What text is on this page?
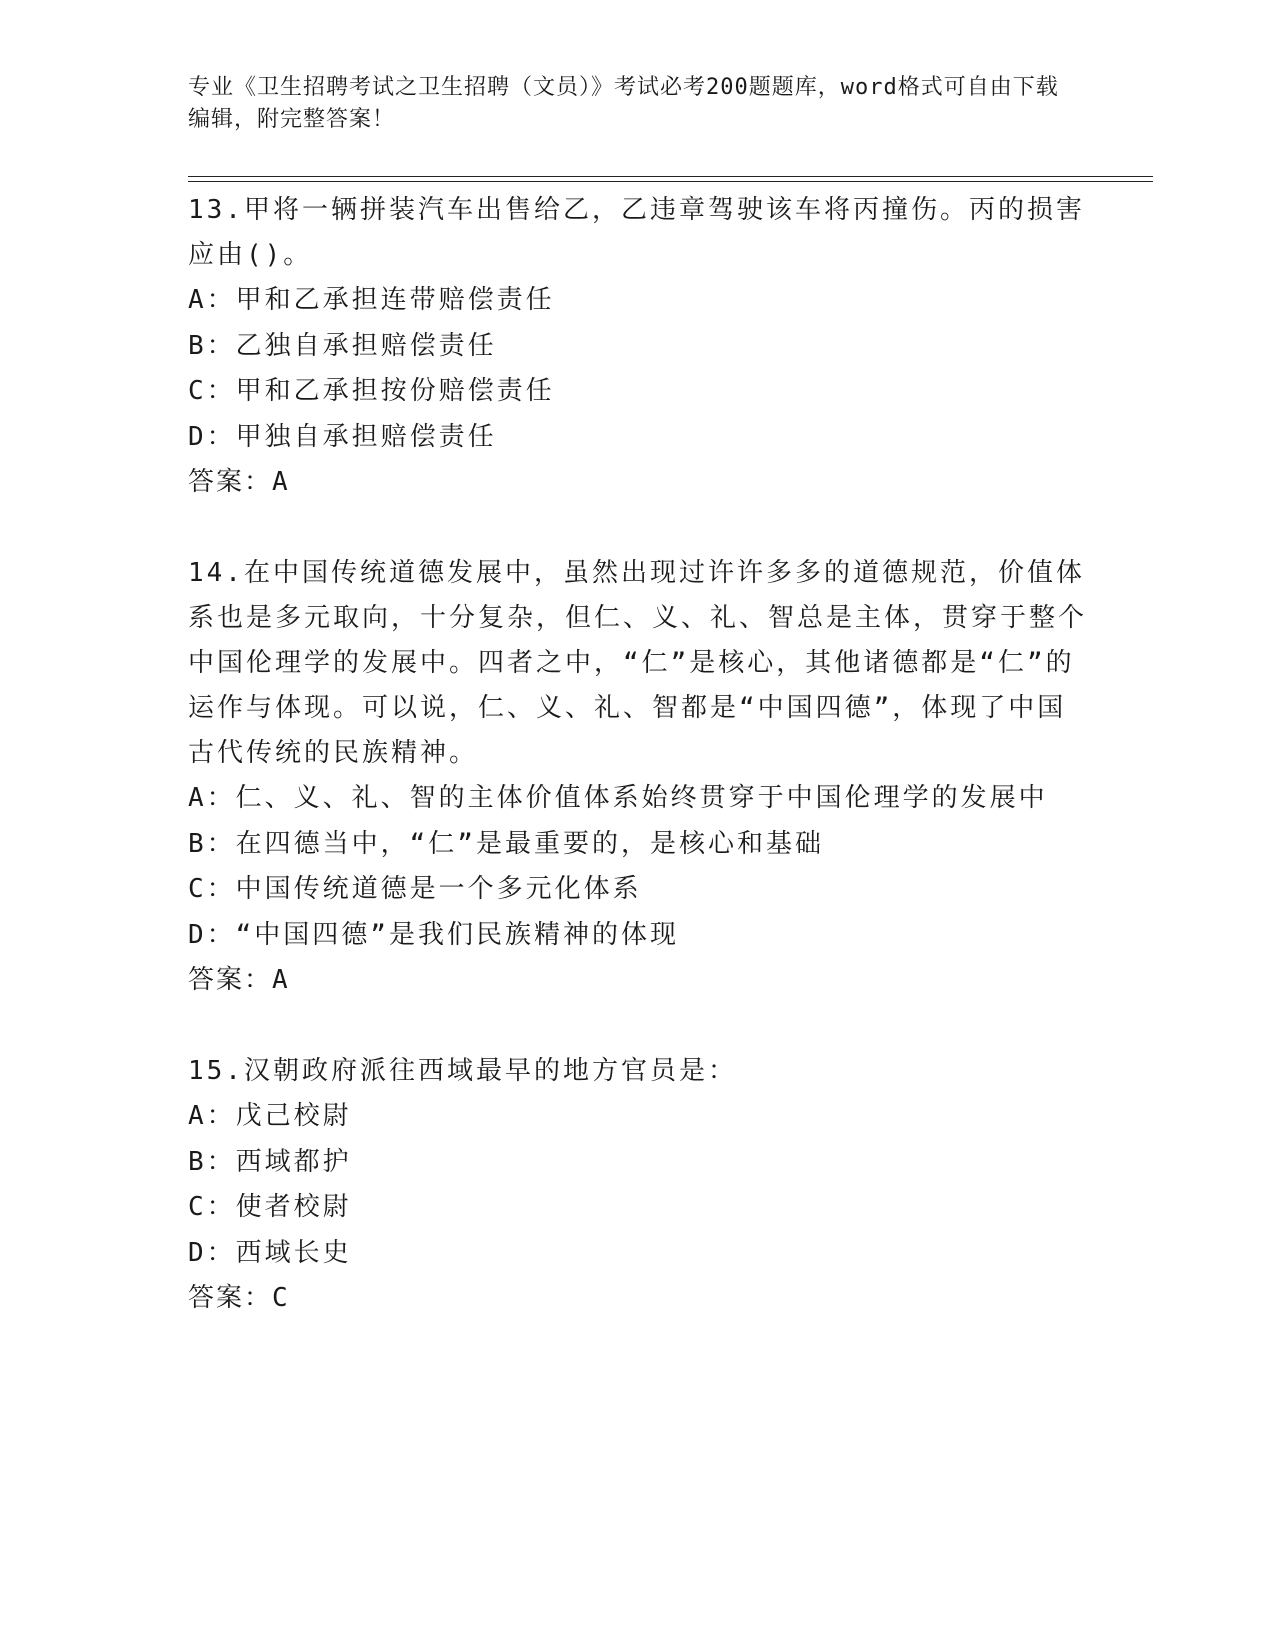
专业《卫生招聘考试之卫生招聘（文员）》考试必考200题题库，word格式可自由下载编辑，附完整答案！

13.甲将一辆拼装汽车出售给乙，乙违章驾驶该车将丙撞伤。丙的损害应由()。

A：甲和乙承担连带赔偿责任

B：乙独自承担赔偿责任

C：甲和乙承担按份赔偿责任

D：甲独自承担赔偿责任

答案：A

14.在中国传统道德发展中，虽然出现过许许多多的道德规范，价值体系也是多元取向，十分复杂，但仁、义、礼、智总是主体，贯穿于整个中国伦理学的发展中。四者之中，“仁”是核心，其他诸德都是“仁”的运作与体现。可以说，仁、义、礼、智都是“中国四德”，体现了中国古代传统的民族精神。

A：仁、义、礼、智的主体价值体系始终贯穿于中国伦理学的发展中

B：在四德当中，“仁”是最重要的，是核心和基础

C：中国传统道德是一个多元化体系

D：“中国四德”是我们民族精神的体现

答案：A

15.汉朝政府派往西域最早的地方官员是：

A：戊己校尉

B：西域都护

C：使者校尉

D：西域长史

答案：C
